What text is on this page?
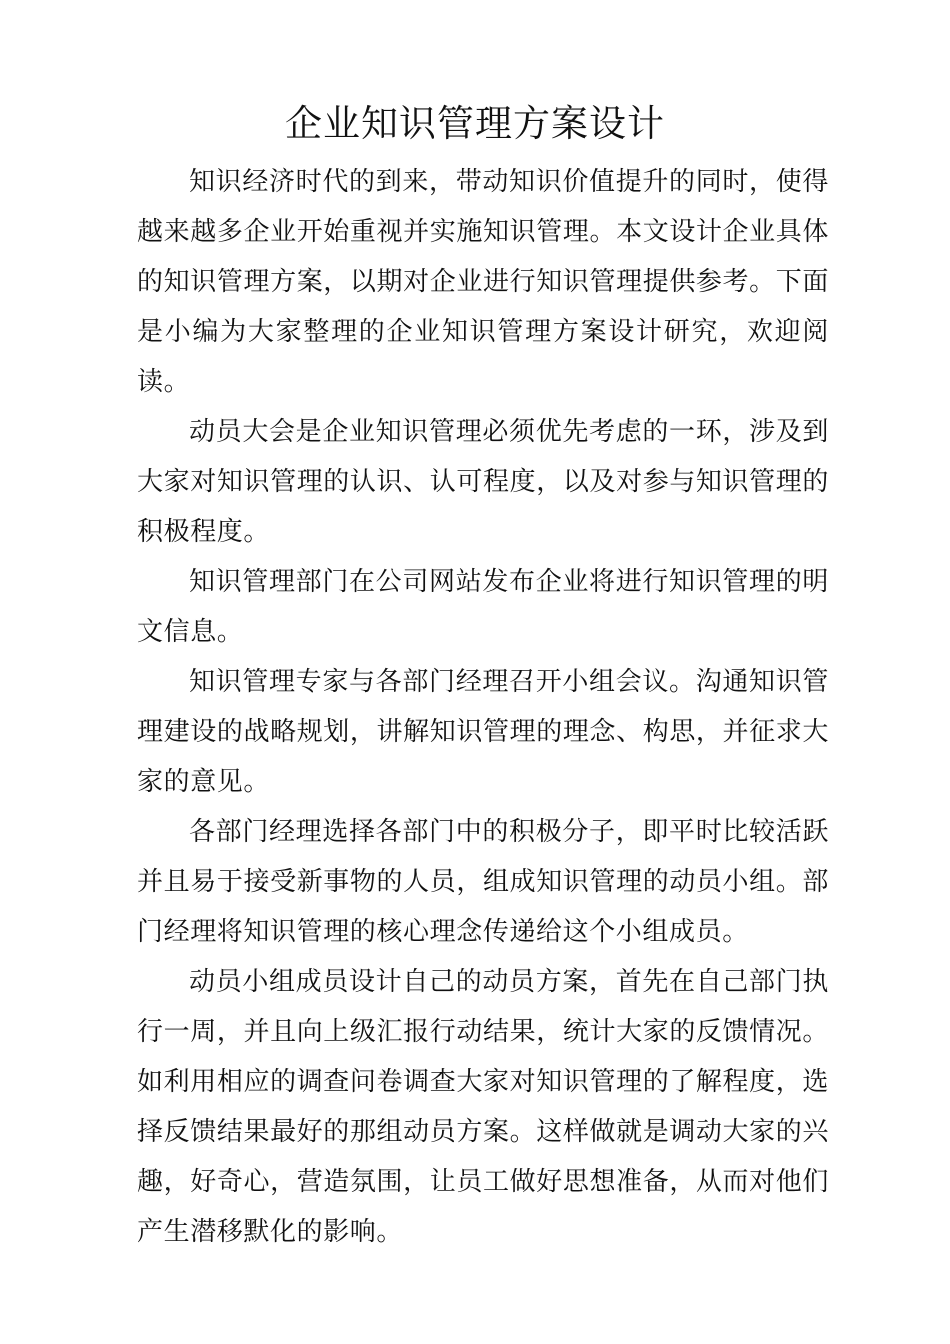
企业知识管理方案设计

知识经济时代的到来，带动知识价值提升的同时，使得越来越多企业开始重视并实施知识管理。本文设计企业具体的知识管理方案，以期对企业进行知识管理提供参考。下面是小编为大家整理的企业知识管理方案设计研究，欢迎阅读。

动员大会是企业知识管理必须优先考虑的一环，涉及到大家对知识管理的认识、认可程度，以及对参与知识管理的积极程度。

知识管理部门在公司网站发布企业将进行知识管理的明文信息。

知识管理专家与各部门经理召开小组会议。沟通知识管理建设的战略规划，讲解知识管理的理念、构思，并征求大家的意见。

各部门经理选择各部门中的积极分子，即平时比较活跃并且易于接受新事物的人员，组成知识管理的动员小组。部门经理将知识管理的核心理念传递给这个小组成员。

动员小组成员设计自己的动员方案，首先在自己部门执行一周，并且向上级汇报行动结果，统计大家的反馈情况。如利用相应的调查问卷调查大家对知识管理的了解程度，选择反馈结果最好的那组动员方案。这样做就是调动大家的兴趣，好奇心，营造氛围，让员工做好思想准备，从而对他们产生潜移默化的影响。
